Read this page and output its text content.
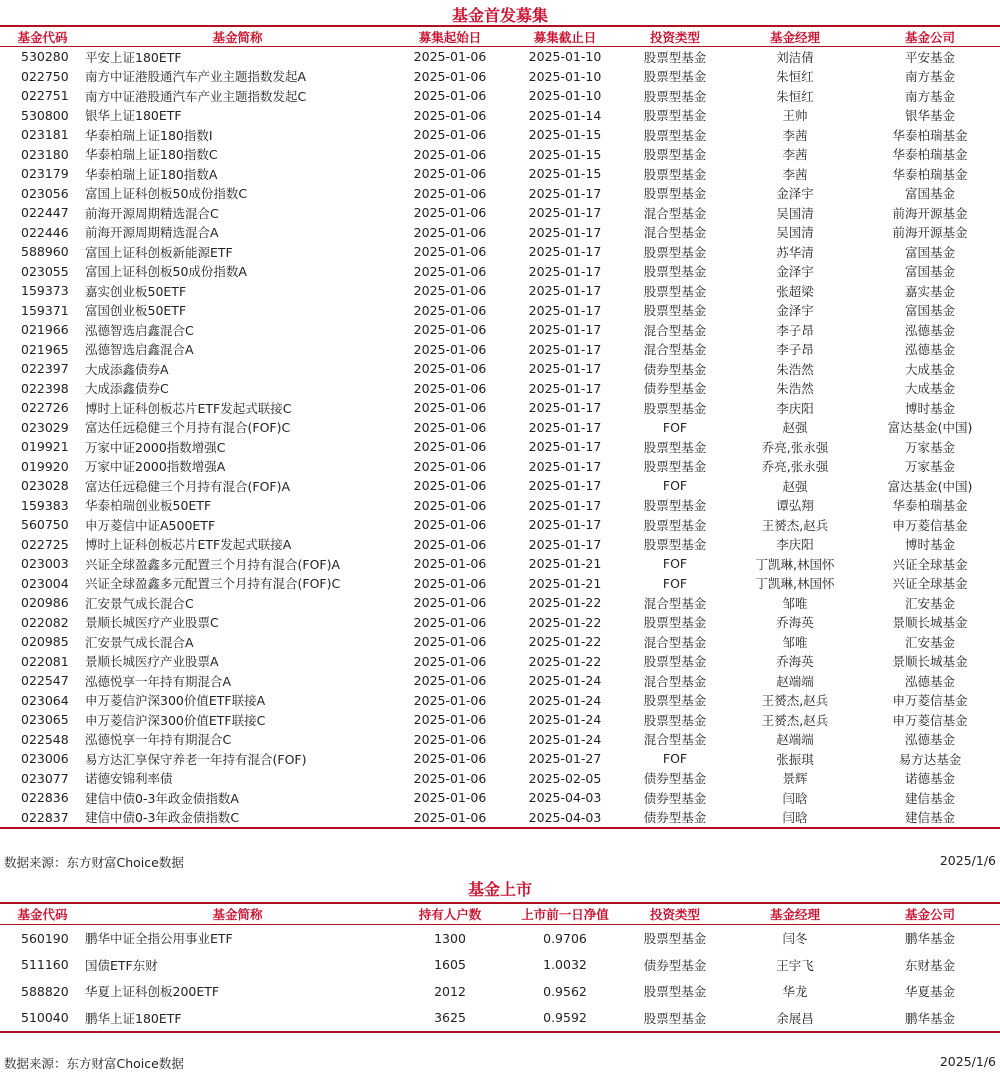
基金首发募集
基金代码	基金简称	募集起始日	募集截止日	投资类型	基金经理	基金公司
530280	平安上证180ETF	2025-01-06	2025-01-10	股票型基金	刘洁倩	平安基金
022750	南方中证港股通汽车产业主题指数发起A	2025-01-06	2025-01-10	股票型基金	朱恒红	南方基金
022751	南方中证港股通汽车产业主题指数发起C	2025-01-06	2025-01-10	股票型基金	朱恒红	南方基金
530800	银华上证180ETF	2025-01-06	2025-01-14	股票型基金	王帅	银华基金
023181	华泰柏瑞上证180指数I	2025-01-06	2025-01-15	股票型基金	李茜	华泰柏瑞基金
023180	华泰柏瑞上证180指数C	2025-01-06	2025-01-15	股票型基金	李茜	华泰柏瑞基金
023179	华泰柏瑞上证180指数A	2025-01-06	2025-01-15	股票型基金	李茜	华泰柏瑞基金
023056	富国上证科创板50成份指数C	2025-01-06	2025-01-17	股票型基金	金泽宇	富国基金
022447	前海开源周期精选混合C	2025-01-06	2025-01-17	混合型基金	吴国清	前海开源基金
022446	前海开源周期精选混合A	2025-01-06	2025-01-17	混合型基金	吴国清	前海开源基金
588960	富国上证科创板新能源ETF	2025-01-06	2025-01-17	股票型基金	苏华清	富国基金
023055	富国上证科创板50成份指数A	2025-01-06	2025-01-17	股票型基金	金泽宇	富国基金
159373	嘉实创业板50ETF	2025-01-06	2025-01-17	股票型基金	张超梁	嘉实基金
159371	富国创业板50ETF	2025-01-06	2025-01-17	股票型基金	金泽宇	富国基金
021966	泓德智选启鑫混合C	2025-01-06	2025-01-17	混合型基金	李子昂	泓德基金
021965	泓德智选启鑫混合A	2025-01-06	2025-01-17	混合型基金	李子昂	泓德基金
022397	大成添鑫债券A	2025-01-06	2025-01-17	债券型基金	朱浩然	大成基金
022398	大成添鑫债券C	2025-01-06	2025-01-17	债券型基金	朱浩然	大成基金
022726	博时上证科创板芯片ETF发起式联接C	2025-01-06	2025-01-17	股票型基金	李庆阳	博时基金
023029	富达任远稳健三个月持有混合(FOF)C	2025-01-06	2025-01-17	FOF	赵强	富达基金(中国)
019921	万家中证2000指数增强C	2025-01-06	2025-01-17	股票型基金	乔亮,张永强	万家基金
019920	万家中证2000指数增强A	2025-01-06	2025-01-17	股票型基金	乔亮,张永强	万家基金
023028	富达任远稳健三个月持有混合(FOF)A	2025-01-06	2025-01-17	FOF	赵强	富达基金(中国)
159383	华泰柏瑞创业板50ETF	2025-01-06	2025-01-17	股票型基金	谭弘翔	华泰柏瑞基金
560750	申万菱信中证A500ETF	2025-01-06	2025-01-17	股票型基金	王赟杰,赵兵	申万菱信基金
022725	博时上证科创板芯片ETF发起式联接A	2025-01-06	2025-01-17	股票型基金	李庆阳	博时基金
023003	兴证全球盈鑫多元配置三个月持有混合(FOF)A	2025-01-06	2025-01-21	FOF	丁凯琳,林国怀	兴证全球基金
023004	兴证全球盈鑫多元配置三个月持有混合(FOF)C	2025-01-06	2025-01-21	FOF	丁凯琳,林国怀	兴证全球基金
020986	汇安景气成长混合C	2025-01-06	2025-01-22	混合型基金	邹唯	汇安基金
022082	景顺长城医疗产业股票C	2025-01-06	2025-01-22	股票型基金	乔海英	景顺长城基金
020985	汇安景气成长混合A	2025-01-06	2025-01-22	混合型基金	邹唯	汇安基金
022081	景顺长城医疗产业股票A	2025-01-06	2025-01-22	股票型基金	乔海英	景顺长城基金
022547	泓德悦享一年持有期混合A	2025-01-06	2025-01-24	混合型基金	赵端端	泓德基金
023064	申万菱信沪深300价值ETF联接A	2025-01-06	2025-01-24	股票型基金	王赟杰,赵兵	申万菱信基金
023065	申万菱信沪深300价值ETF联接C	2025-01-06	2025-01-24	股票型基金	王赟杰,赵兵	申万菱信基金
022548	泓德悦享一年持有期混合C	2025-01-06	2025-01-24	混合型基金	赵端端	泓德基金
023006	易方达汇享保守养老一年持有混合(FOF)	2025-01-06	2025-01-27	FOF	张振琪	易方达基金
023077	诺德安锦利率债	2025-01-06	2025-02-05	债券型基金	景辉	诺德基金
022836	建信中债0-3年政金债指数A	2025-01-06	2025-04-03	债券型基金	闫晗	建信基金
022837	建信中债0-3年政金债指数C	2025-01-06	2025-04-03	债券型基金	闫晗	建信基金
数据来源：东方财富Choice数据	2025/1/6
基金上市
基金代码	基金简称	持有人户数	上市前一日净值	投资类型	基金经理	基金公司
560190	鹏华中证全指公用事业ETF	1300	0.9706	股票型基金	闫冬	鹏华基金
511160	国债ETF东财	1605	1.0032	债券型基金	王宇飞	东财基金
588820	华夏上证科创板200ETF	2012	0.9562	股票型基金	华龙	华夏基金
510040	鹏华上证180ETF	3625	0.9592	股票型基金	余展昌	鹏华基金
数据来源：东方财富Choice数据	2025/1/6
